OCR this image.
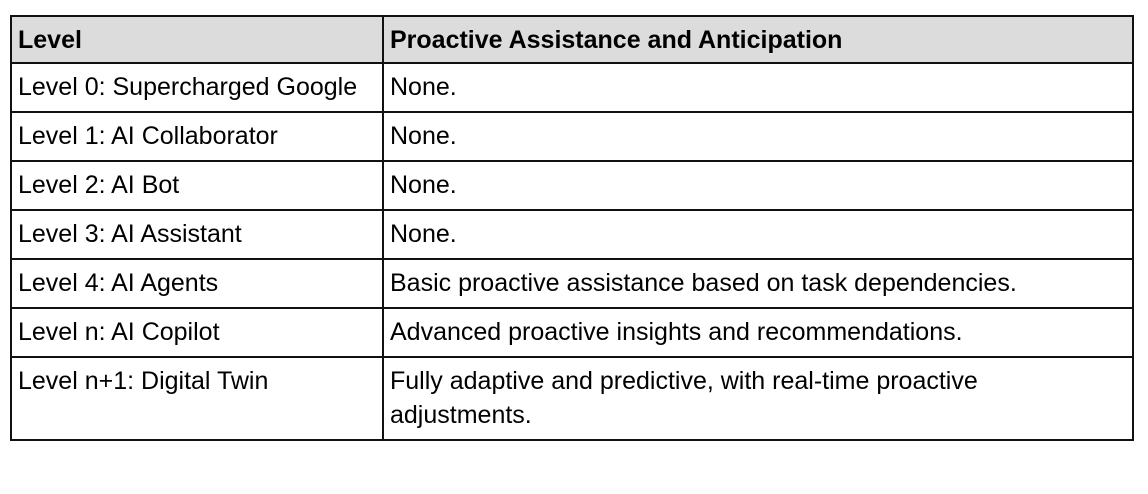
Level	Proactive Assistance and Anticipation
Level 0: Supercharged Google	None.
Level 1: AI Collaborator	None.
Level 2: AI Bot	None.
Level 3: AI Assistant	None.
Level 4: AI Agents	Basic proactive assistance based on task dependencies.
Level n: AI Copilot	Advanced proactive insights and recommendations.
Level n+1: Digital Twin	Fully adaptive and predictive, with real-time proactive adjustments.
